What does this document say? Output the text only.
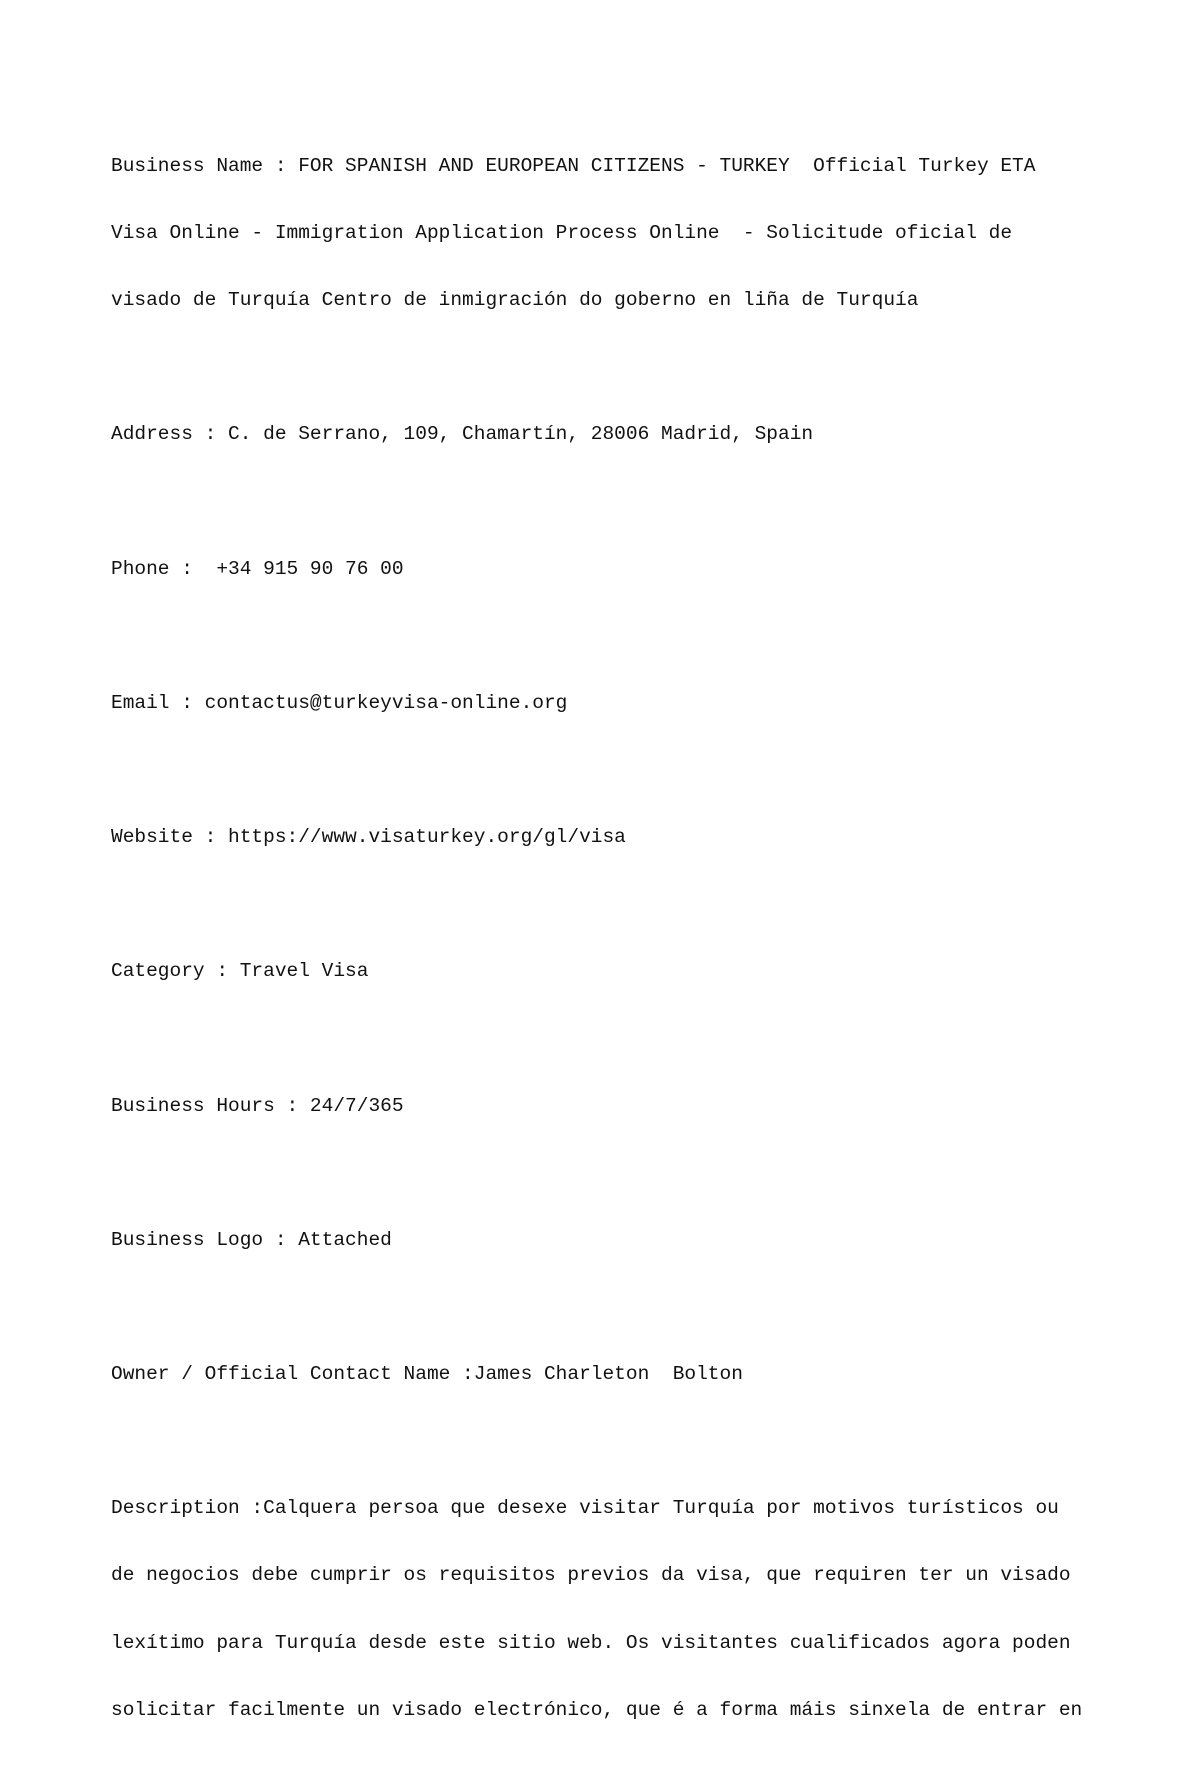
Business Name : FOR SPANISH AND EUROPEAN CITIZENS - TURKEY  Official Turkey ETA

Visa Online - Immigration Application Process Online  - Solicitude oficial de

visado de Turquía Centro de inmigración do goberno en liña de Turquía

Address : C. de Serrano, 109, Chamartín, 28006 Madrid, Spain

Phone :  +34 915 90 76 00

Email : contactus@turkeyvisa-online.org

Website : https://www.visaturkey.org/gl/visa

Category : Travel Visa

Business Hours : 24/7/365

Business Logo : Attached

Owner / Official Contact Name :James Charleton  Bolton

Description :Calquera persoa que desexe visitar Turquía por motivos turísticos ou

de negocios debe cumprir os requisitos previos da visa, que requiren ter un visado

lexítimo para Turquía desde este sitio web. Os visitantes cualificados agora poden

solicitar facilmente un visado electrónico, que é a forma máis sinxela de entrar en
